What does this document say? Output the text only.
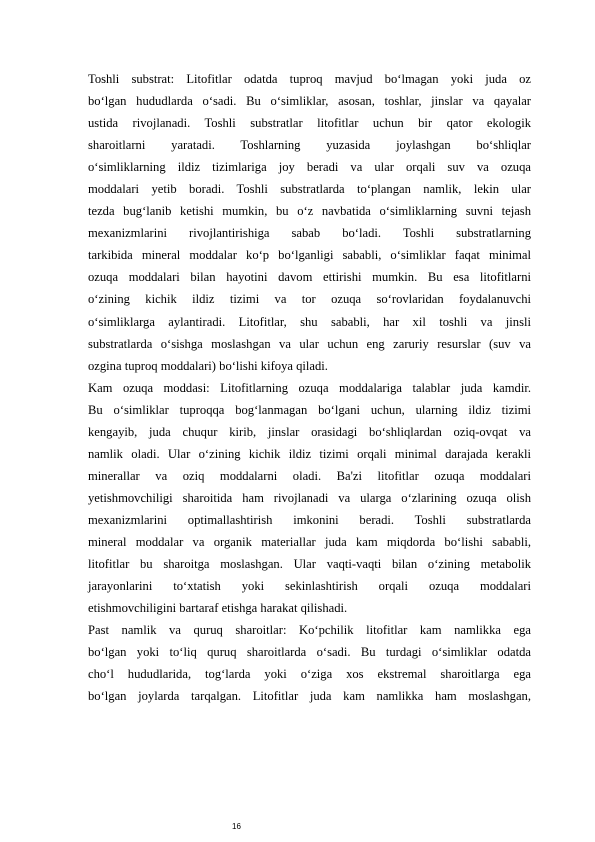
Toshli substrat: Litofitlar odatda tuproq mavjud bo‘lmagan yoki juda oz
bo‘lgan hududlarda o‘sadi. Bu o‘simliklar, asosan, toshlar, jinslar va qayalar
ustida rivojlanadi. Toshli substratlar litofitlar uchun bir qator ekologik
sharoitlarni yaratadi. Toshlarning yuzasida joylashgan bo‘shliqlar
o‘simliklarning ildiz tizimlariga joy beradi va ular orqali suv va ozuqa
moddalari yetib boradi. Toshli substratlarda to‘plangan namlik, lekin ular
tezda bug‘lanib ketishi mumkin, bu o‘z navbatida o‘simliklarning suvni tejash
mexanizmlarini rivojlantirishiga sabab bo‘ladi. Toshli substratlarning
tarkibida mineral moddalar ko‘p bo‘lganligi sababli, o‘simliklar faqat minimal
ozuqa moddalari bilan hayotini davom ettirishi mumkin. Bu esa litofitlarni
o‘zining kichik ildiz tizimi va tor ozuqa so‘rovlaridan foydalanuvchi
o‘simliklarga aylantiradi. Litofitlar, shu sababli, har xil toshli va jinsli
substratlarda o‘sishga moslashgan va ular uchun eng zaruriy resurslar (suv va
ozgina tuproq moddalari) bo‘lishi kifoya qiladi.
Kam ozuqa moddasi: Litofitlarning ozuqa moddalariga talablar juda kamdir.
Bu o‘simliklar tuproqqa bog‘lanmagan bo‘lgani uchun, ularning ildiz tizimi
kengayib, juda chuqur kirib, jinslar orasidagi bo‘shliqlardan oziq-ovqat va
namlik oladi. Ular o‘zining kichik ildiz tizimi orqali minimal darajada kerakli
minerallar va oziq moddalarni oladi. Ba'zi litofitlar ozuqa moddalari
yetishmovchiligi sharoitida ham rivojlanadi va ularga o‘zlarining ozuqa olish
mexanizmlarini optimallashtirish imkonini beradi. Toshli substratlarda
mineral moddalar va organik materiallar juda kam miqdorda bo‘lishi sababli,
litofitlar bu sharoitga moslashgan. Ular vaqti-vaqti bilan o‘zining metabolik
jarayonlarini to‘xtatish yoki sekinlashtirish orqali ozuqa moddalari
etishmovchiligini bartaraf etishga harakat qilishadi.
Past namlik va quruq sharoitlar: Ko‘pchilik litofitlar kam namlikka ega
bo‘lgan yoki to‘liq quruq sharoitlarda o‘sadi. Bu turdagi o‘simliklar odatda
cho‘l hududlarida, tog‘larda yoki o‘ziga xos ekstremal sharoitlarga ega
bo‘lgan joylarda tarqalgan. Litofitlar juda kam namlikka ham moslashgan,
16
